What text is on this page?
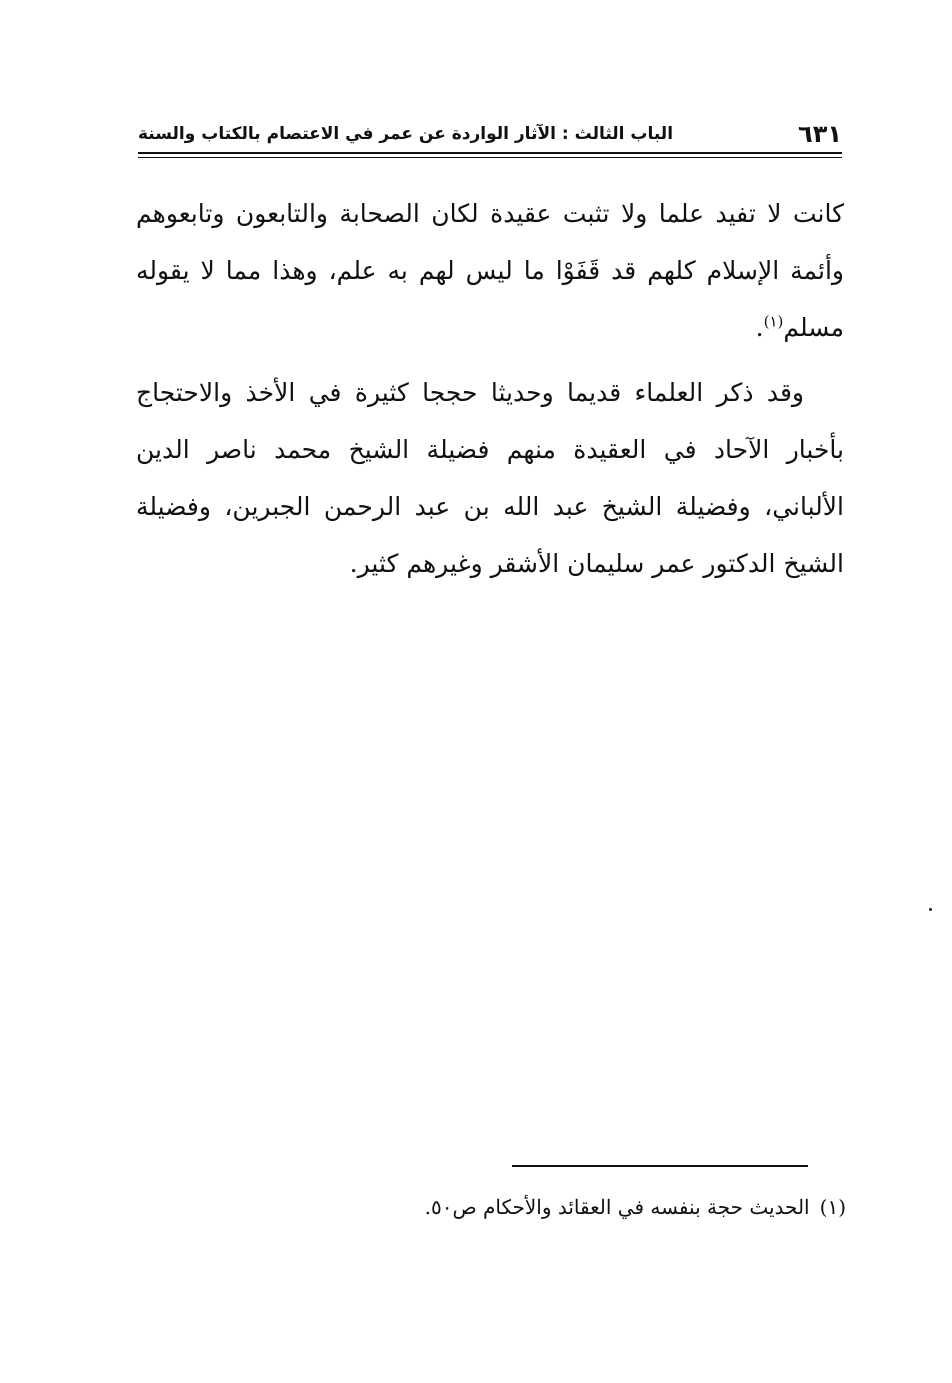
٦٣١
الباب الثالث : الآثار الواردة عن عمر في الاعتصام بالكتاب والسنة

كانت لا تفيد علما ولا تثبت عقيدة لكان الصحابة والتابعون وتابعوهم وأئمة الإسلام كلهم قد قَفَوْا ما ليس لهم به علم، وهذا مما لا يقوله مسلم$^{(١)}$.

وقد ذكر العلماء قديما وحديثا حججا كثيرة في الأخذ والاحتجاج بأخبار الآحاد في العقيدة منهم فضيلة الشيخ محمد ناصر الدين الألباني، وفضيلة الشيخ عبد الله بن عبد الرحمن الجبرين، وفضيلة الشيخ الدكتور عمر سليمان الأشقر وغيرهم كثير.

(١)الحديث حجة بنفسه في العقائد والأحكام ص٥٠.
